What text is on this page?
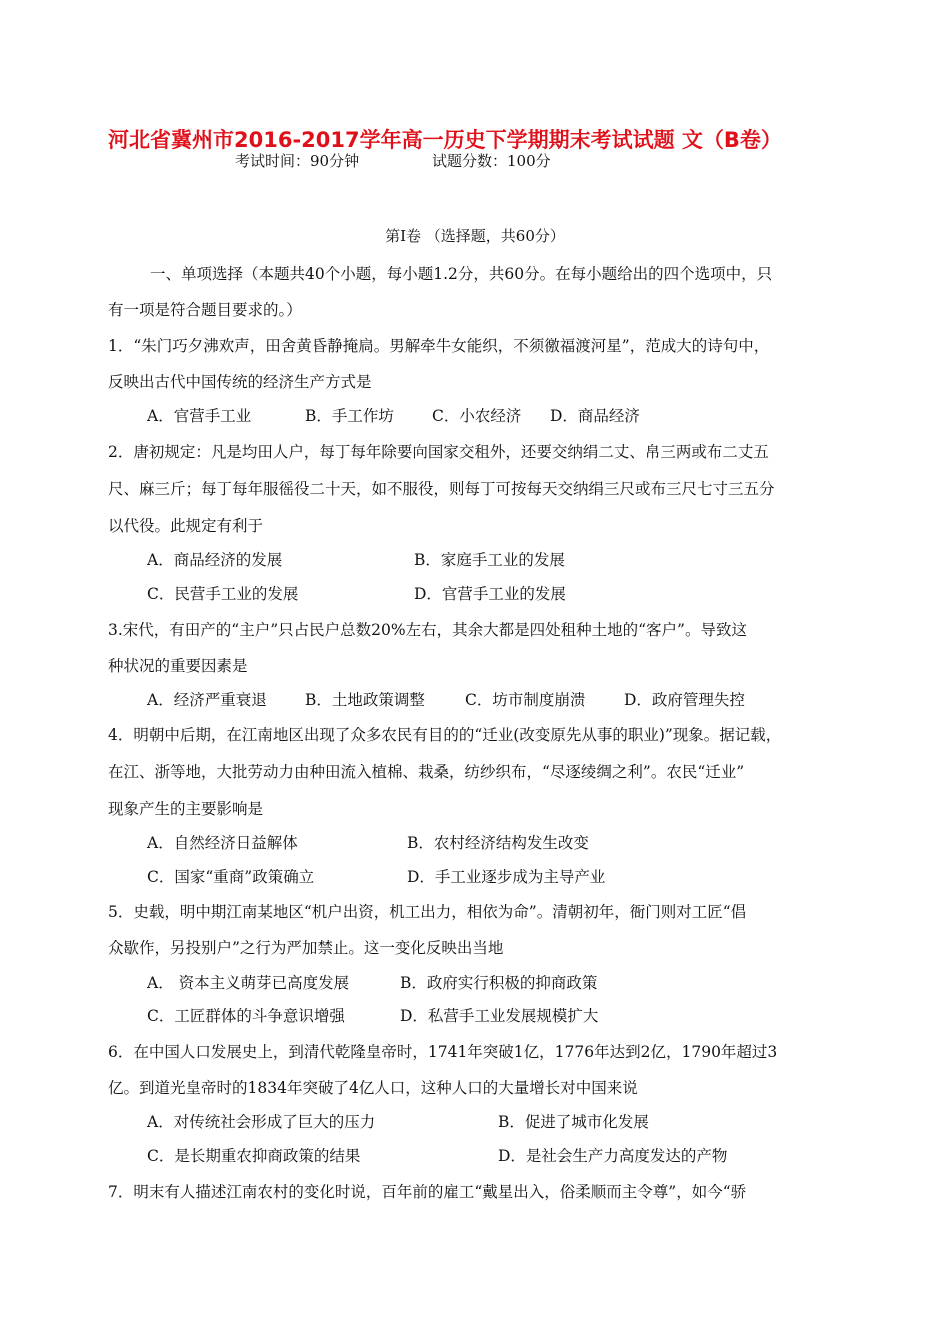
河北省冀州市2016-2017学年高一历史下学期期末考试试题 文（B卷）
考试时间：90分钟	试题分数：100分
第Ⅰ卷 （选择题，共60分）
一、单项选择（本题共40个小题，每小题1.2分，共60分。在每小题给出的四个选项中，只
有一项是符合题目要求的。）
1．“朱门巧夕沸欢声，田舍黄昏静掩扃。男解牵牛女能织，不须徼福渡河星”，范成大的诗句中，
反映出古代中国传统的经济生产方式是
A．官营手工业	B．手工作坊 C．小农经济 D．商品经济
2．唐初规定：凡是均田人户，每丁每年除要向国家交租外，还要交纳绢二丈、帛三两或布二丈五
尺、麻三斤；每丁每年服徭役二十天，如不服役，则每丁可按每天交纳绢三尺或布三尺七寸三五分
以代役。此规定有利于
A．商品经济的发展	B．家庭手工业的发展
C．民营手工业的发展	D．官营手工业的发展
3.宋代，有田产的“主户”只占民户总数20%左右，其余大都是四处租种土地的“客户”。导致这
种状况的重要因素是
A．经济严重衰退 B．土地政策调整	C．坊市制度崩溃 D．政府管理失控
4．明朝中后期，在江南地区出现了众多农民有目的的“迁业(改变原先从事的职业)”现象。据记载，
在江、浙等地，大批劳动力由种田流入植棉、栽桑，纺纱织布，“尽逐绫绸之利”。农民“迁业”
现象产生的主要影响是
A．自然经济日益解体	B．农村经济结构发生改变
C．国家“重商”政策确立	D．手工业逐步成为主导产业
5．史载，明中期江南某地区“机户出资，机工出力，相依为命”。清朝初年，衙门则对工匠“倡
众歇作，另投别户”之行为严加禁止。这一变化反映出当地
A． 资本主义萌芽已高度发展	B．政府实行积极的抑商政策
C．工匠群体的斗争意识增强	D．私营手工业发展规模扩大
6．在中国人口发展史上，到清代乾隆皇帝时，1741年突破1亿，1776年达到2亿，1790年超过3
亿。到道光皇帝时的1834年突破了4亿人口，这种人口的大量增长对中国来说
A．对传统社会形成了巨大的压力	B．促进了城市化发展
C．是长期重农抑商政策的结果	D．是社会生产力高度发达的产物
7．明末有人描述江南农村的变化时说，百年前的雇工“戴星出入，俗柔顺而主令尊”，如今“骄
